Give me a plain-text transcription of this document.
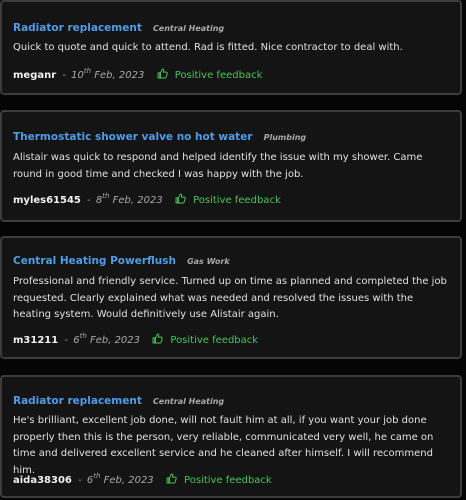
Radiator replacement Central Heating
Quick to quote and quick to attend. Rad is fitted. Nice contractor to deal with.
meganr - 10th Feb, 2023	Positive feedback
Thermostatic shower valve no hot water Plumbing
Alistair was quick to respond and helped identify the issue with my shower. Came round in good time and checked I was happy with the job.
myles61545 - 8th Feb, 2023	Positive feedback
Central Heating Powerflush Gas Work
Professional and friendly service. Turned up on time as planned and completed the job requested. Clearly explained what was needed and resolved the issues with the heating system. Would definitively use Alistair again.
m31211 - 6th Feb, 2023	Positive feedback
Radiator replacement Central Heating
He's brilliant, excellent job done, will not fault him at all, if you want your job done properly then this is the person, very reliable, communicated very well, he came on time and delivered excellent service and he cleaned after himself. I will recommend him.
aida38306 - 6th Feb, 2023	Positive feedback
